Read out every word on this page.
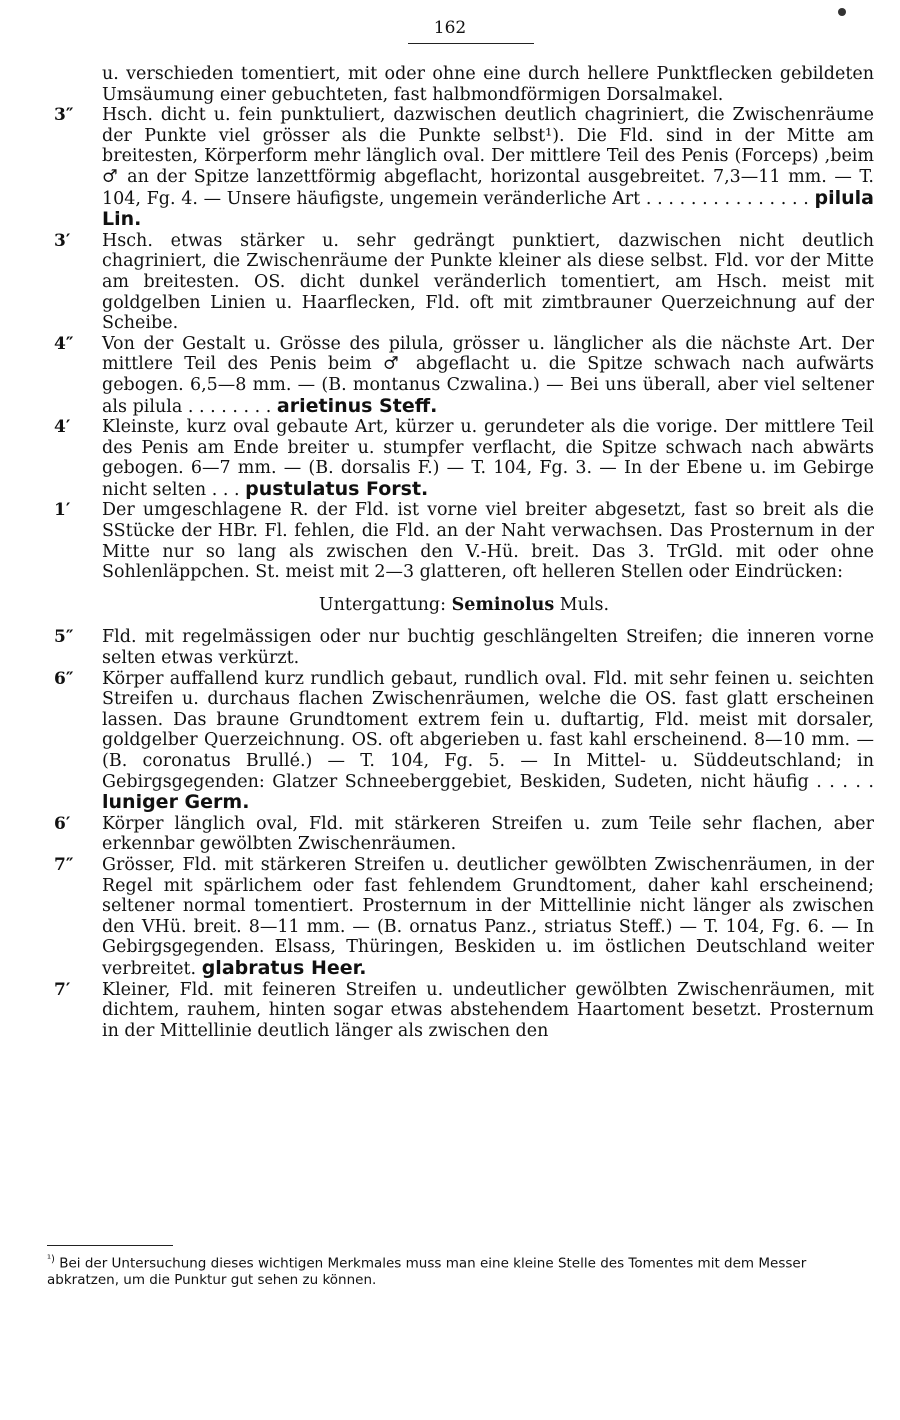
162
u. verschieden tomentiert, mit oder ohne eine durch hellere Punktflecken gebildeten Umsäumung einer gebuchteten, fast halbmondförmigen Dorsalmakel.
3″ Hsch. dicht u. fein punktuliert, dazwischen deutlich chagriniert, die Zwischenräume der Punkte viel grösser als die Punkte selbst¹). Die Fld. sind in der Mitte am breitesten, Körperform mehr länglich oval. Der mittlere Teil des Penis (Forceps) ,beim ♂ an der Spitze lanzettförmig abgeflacht, horizontal ausgebreitet. 7,3—11 mm. — T. 104, Fg. 4. — Unsere häufigste, ungemein veränderliche Art . . . . . . . . . . . . . . . pilula Lin.
3′ Hsch. etwas stärker u. sehr gedrängt punktiert, dazwischen nicht deutlich chagriniert, die Zwischenräume der Punkte kleiner als diese selbst. Fld. vor der Mitte am breitesten. OS. dicht dunkel veränderlich tomentiert, am Hsch. meist mit goldgelben Linien u. Haarflecken, Fld. oft mit zimtbrauner Querzeichnung auf der Scheibe.
4″ Von der Gestalt u. Grösse des pilula, grösser u. länglicher als die nächste Art. Der mittlere Teil des Penis beim ♂ abgeflacht u. die Spitze schwach nach aufwärts gebogen. 6,5—8 mm. — (B. montanus Czwalina.) — Bei uns überall, aber viel seltener als pilula . . . . . . . . arietinus Steff.
4′ Kleinste, kurz oval gebaute Art, kürzer u. gerundeter als die vorige. Der mittlere Teil des Penis am Ende breiter u. stumpfer verflacht, die Spitze schwach nach abwärts gebogen. 6—7 mm. — (B. dorsalis F.) — T. 104, Fg. 3. — In der Ebene u. im Gebirge nicht selten . . . pustulatus Forst.
1′ Der umgeschlagene R. der Fld. ist vorne viel breiter abgesetzt, fast so breit als die SStücke der HBr. Fl. fehlen, die Fld. an der Naht verwachsen. Das Prosternum in der Mitte nur so lang als zwischen den V.-Hü. breit. Das 3. TrGld. mit oder ohne Sohlenläppchen. St. meist mit 2—3 glatteren, oft helleren Stellen oder Eindrücken:
Untergattung: Seminolus Muls.
5″ Fld. mit regelmässigen oder nur buchtig geschlängelten Streifen; die inneren vorne selten etwas verkürzt.
6″ Körper auffallend kurz rundlich gebaut, rundlich oval. Fld. mit sehr feinen u. seichten Streifen u. durchaus flachen Zwischenräumen, welche die OS. fast glatt erscheinen lassen. Das braune Grundtoment extrem fein u. duftartig, Fld. meist mit dorsaler, goldgelber Querzeichnung. OS. oft abgerieben u. fast kahl erscheinend. 8—10 mm. — (B. coronatus Brullé.) — T. 104, Fg. 5. — In Mittel- u. Süddeutschland; in Gebirgsgegenden: Glatzer Schneeberggebiet, Beskiden, Sudeten, nicht häufig . . . . . luniger Germ.
6′ Körper länglich oval, Fld. mit stärkeren Streifen u. zum Teile sehr flachen, aber erkennbar gewölbten Zwischenräumen.
7″ Grösser, Fld. mit stärkeren Streifen u. deutlicher gewölbten Zwischenräumen, in der Regel mit spärlichem oder fast fehlendem Grundtoment, daher kahl erscheinend; seltener normal tomentiert. Prosternum in der Mittellinie nicht länger als zwischen den VHü. breit. 8—11 mm. — (B. ornatus Panz., striatus Steff.) — T. 104, Fg. 6. — In Gebirgsgegenden. Elsass, Thüringen, Beskiden u. im östlichen Deutschland weiter verbreitet. glabratus Heer.
7′ Kleiner, Fld. mit feineren Streifen u. undeutlicher gewölbten Zwischenräumen, mit dichtem, rauhem, hinten sogar etwas abstehendem Haartoment besetzt. Prosternum in der Mittellinie deutlich länger als zwischen den
$^{^1)}$ Bei der Untersuchung dieses wichtigen Merkmales muss man eine kleine Stelle des Tomentes mit dem Messer abkratzen, um die Punktur gut sehen zu können.
